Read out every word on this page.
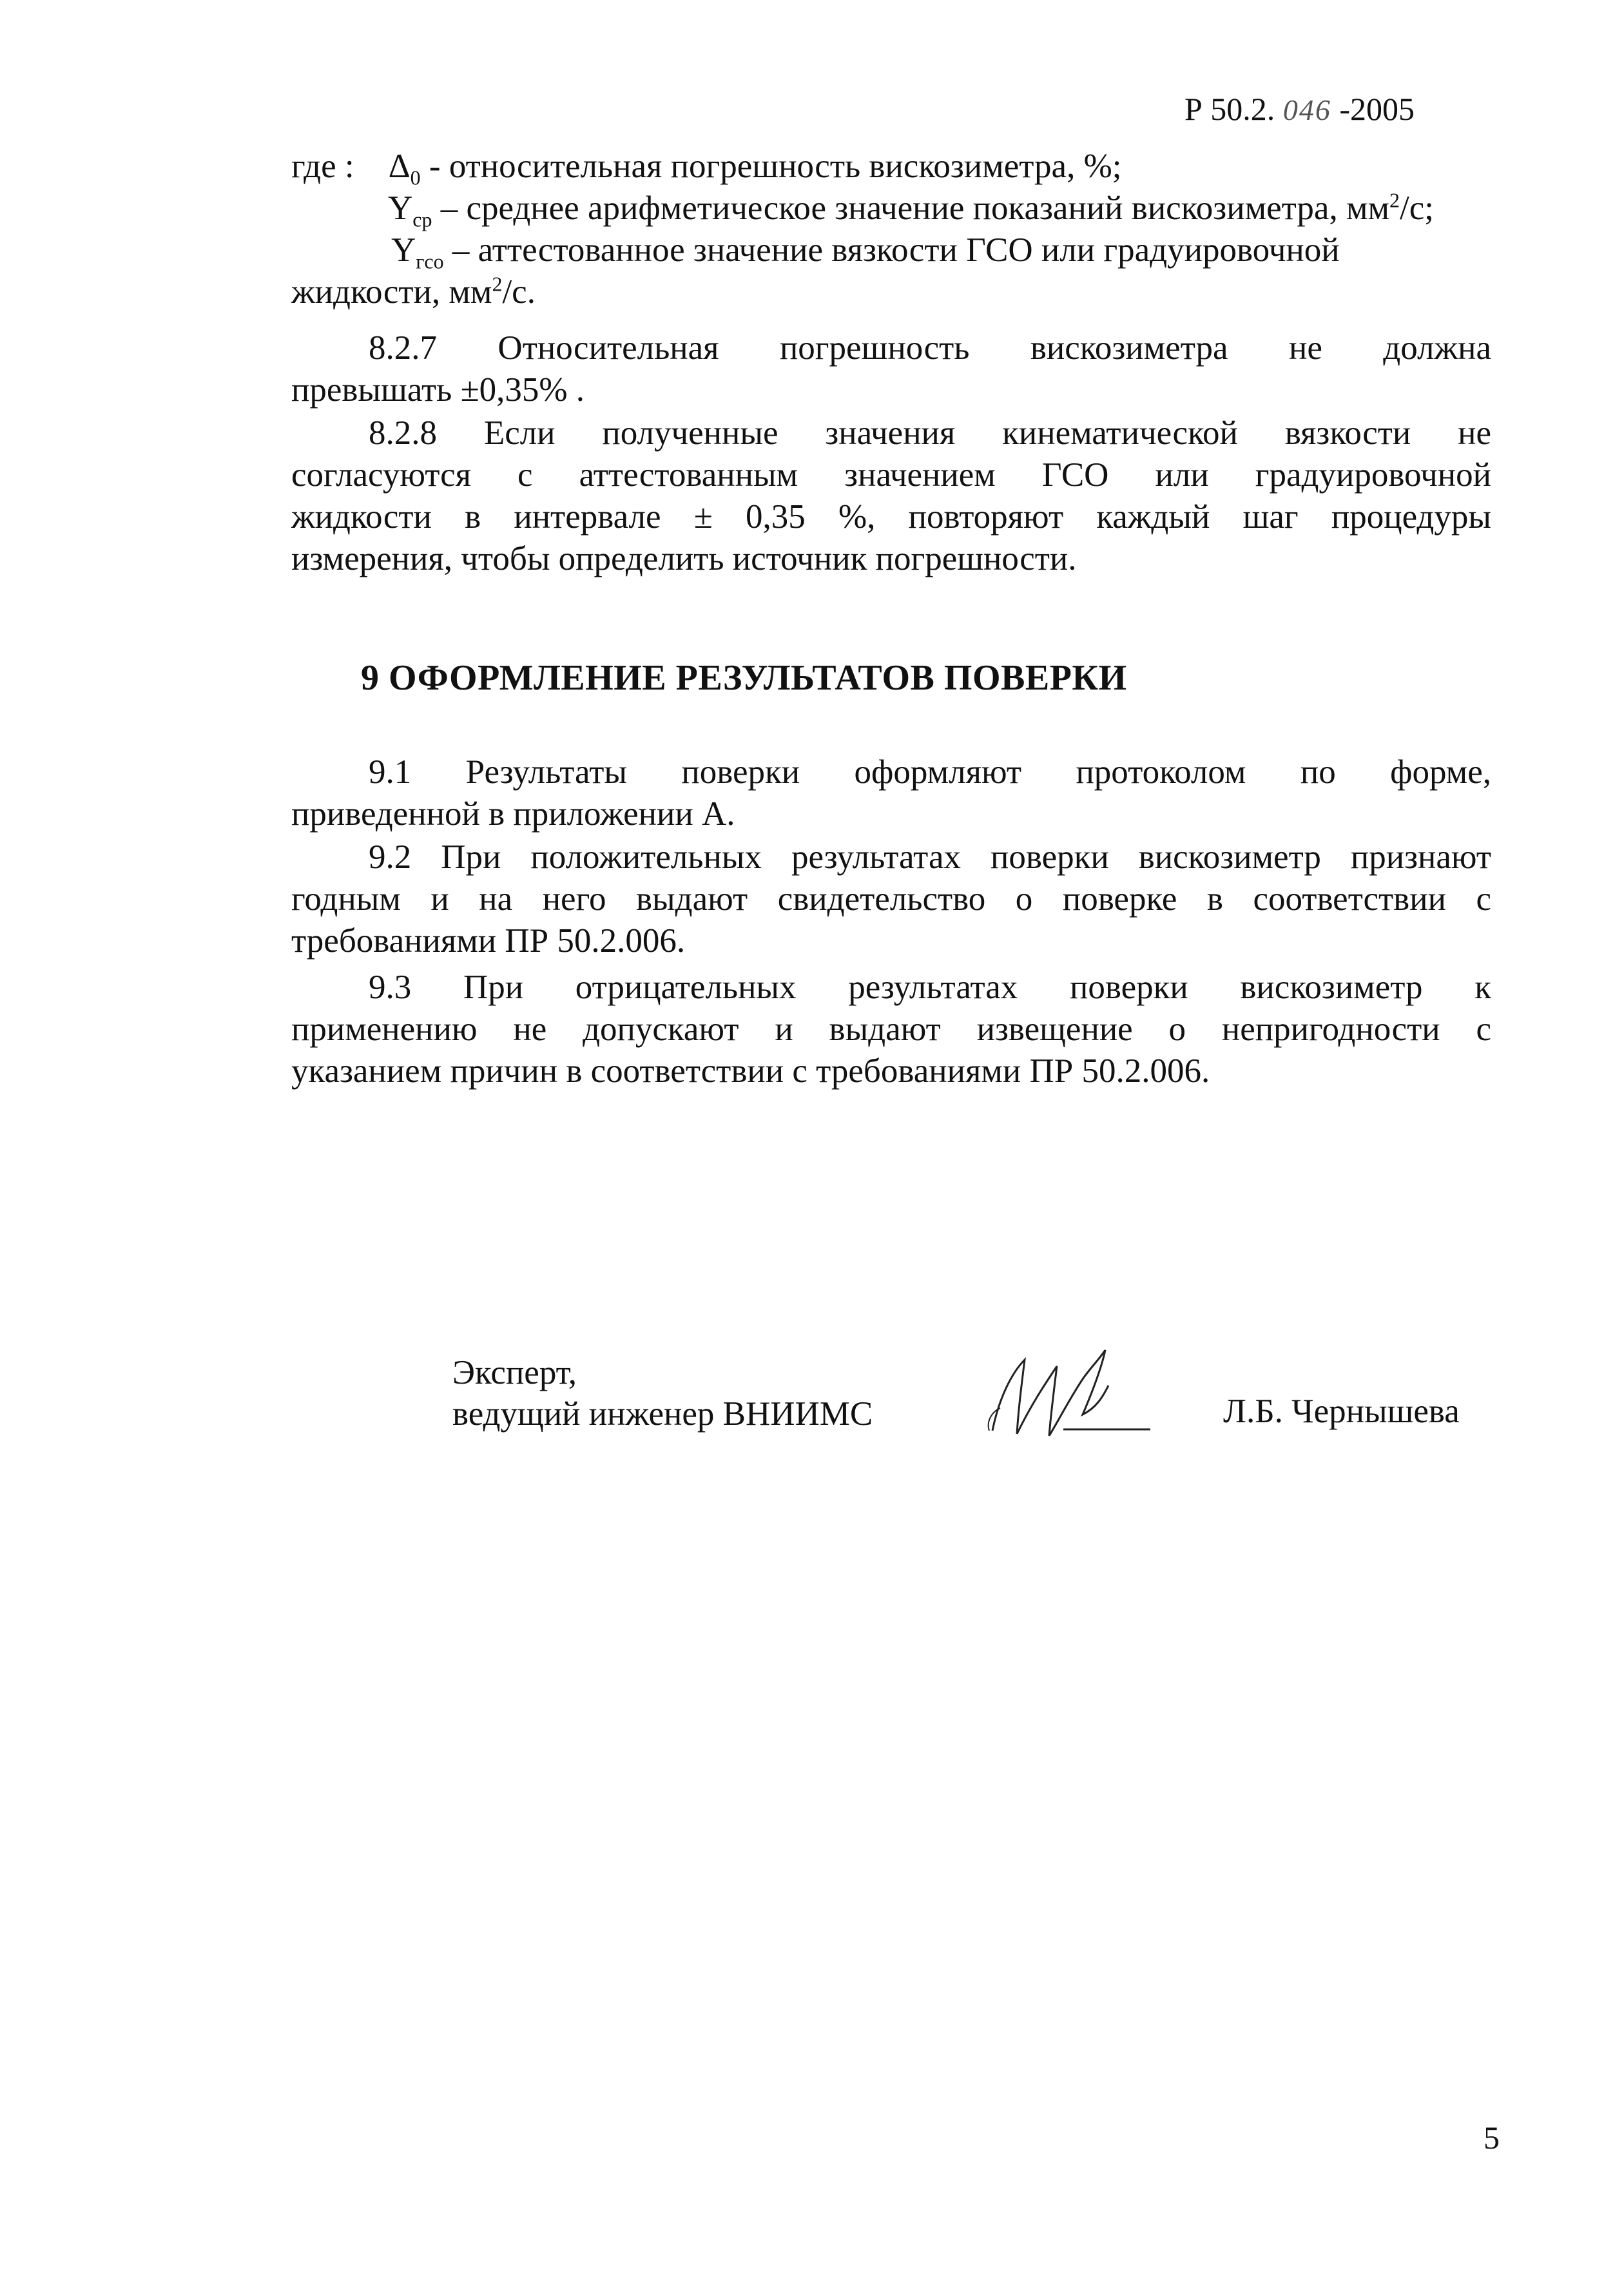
Р 50.2. 046 -2005
где : $\Delta_0$ - относительная погрешность вискозиметра, %;
$Y_{ср}$ – среднее арифметическое значение показаний вискозиметра, $мм^2/с$;
$Y_{гсо}$ – аттестованное значение вязкости ГСО или градуировочной
жидкости, $мм^2/с$.
8.2.7 Относительная погрешность вискозиметра не должна
превышать ±0,35% .
8.2.8 Если полученные значения кинематической вязкости не
согласуются с аттестованным значением ГСО или градуировочной
жидкости в интервале ± 0,35 %, повторяют каждый шаг процедуры
измерения, чтобы определить источник погрешности.
9 ОФОРМЛЕНИЕ РЕЗУЛЬТАТОВ ПОВЕРКИ
9.1 Результаты поверки оформляют протоколом по форме,
приведенной в приложении А.
9.2 При положительных результатах поверки вискозиметр признают
годным и на него выдают свидетельство о поверке в соответствии с
требованиями ПР 50.2.006.
9.3 При отрицательных результатах поверки вискозиметр к
применению не допускают и выдают извещение о непригодности с
указанием причин в соответствии с требованиями ПР 50.2.006.
Эксперт,
ведущий инженер ВНИИМС	Л.Б. Чернышева
5
